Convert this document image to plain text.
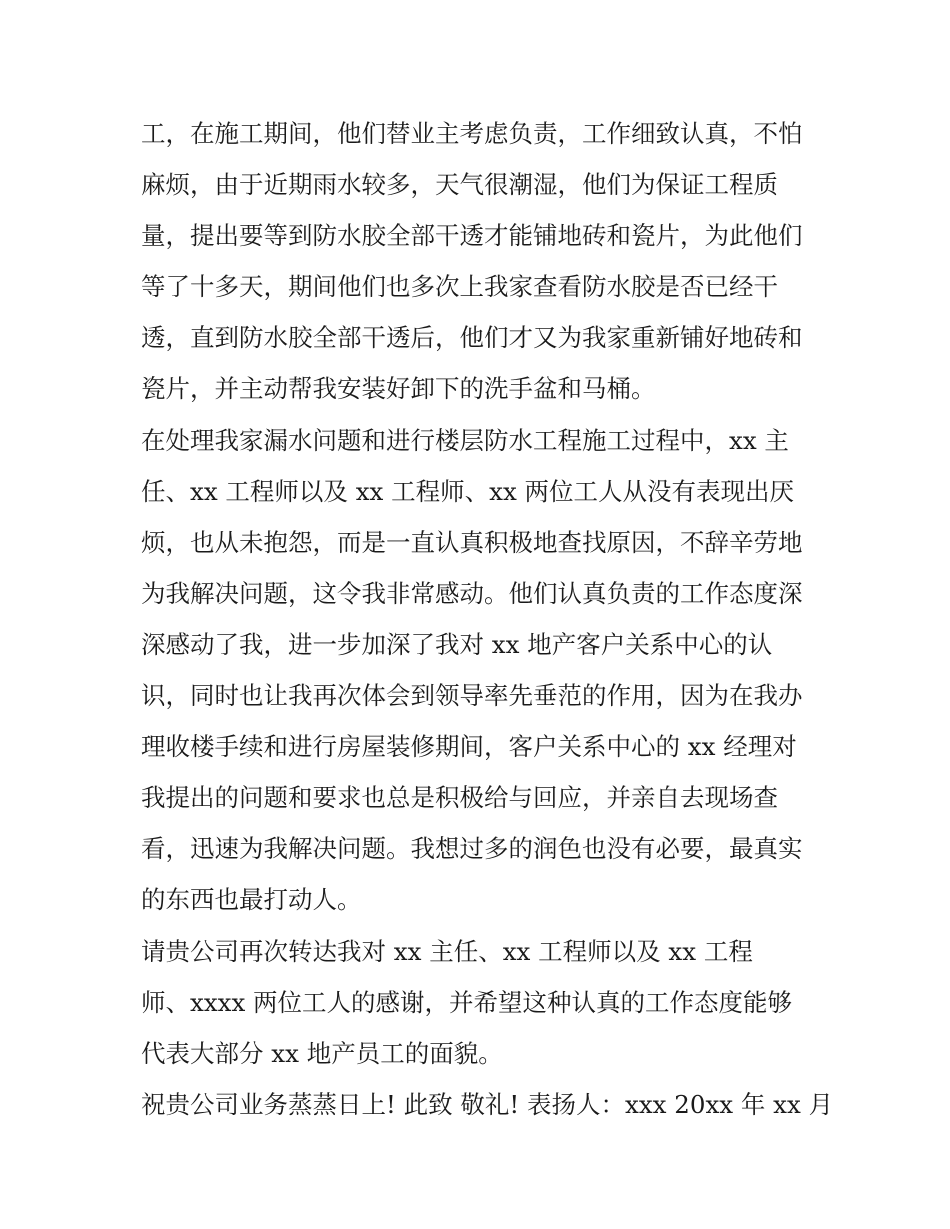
工，在施工期间，他们替业主考虑负责，工作细致认真，不怕
麻烦，由于近期雨水较多，天气很潮湿，他们为保证工程质
量，提出要等到防水胶全部干透才能铺地砖和瓷片，为此他们
等了十多天，期间他们也多次上我家查看防水胶是否已经干
透，直到防水胶全部干透后，他们才又为我家重新铺好地砖和
瓷片，并主动帮我安装好卸下的洗手盆和马桶。
在处理我家漏水问题和进行楼层防水工程施工过程中，xx 主
任、xx 工程师以及 xx 工程师、xx 两位工人从没有表现出厌
烦，也从未抱怨，而是一直认真积极地查找原因，不辞辛劳地
为我解决问题，这令我非常感动。他们认真负责的工作态度深
深感动了我，进一步加深了我对 xx 地产客户关系中心的认
识，同时也让我再次体会到领导率先垂范的作用，因为在我办
理收楼手续和进行房屋装修期间，客户关系中心的 xx 经理对
我提出的问题和要求也总是积极给与回应，并亲自去现场查
看，迅速为我解决问题。我想过多的润色也没有必要，最真实
的东西也最打动人。
请贵公司再次转达我对 xx 主任、xx 工程师以及 xx 工程
师、xxxx 两位工人的感谢，并希望这种认真的工作态度能够
代表大部分 xx 地产员工的面貌。
祝贵公司业务蒸蒸日上! 此致 敬礼! 表扬人：xxx 20xx 年 xx 月
